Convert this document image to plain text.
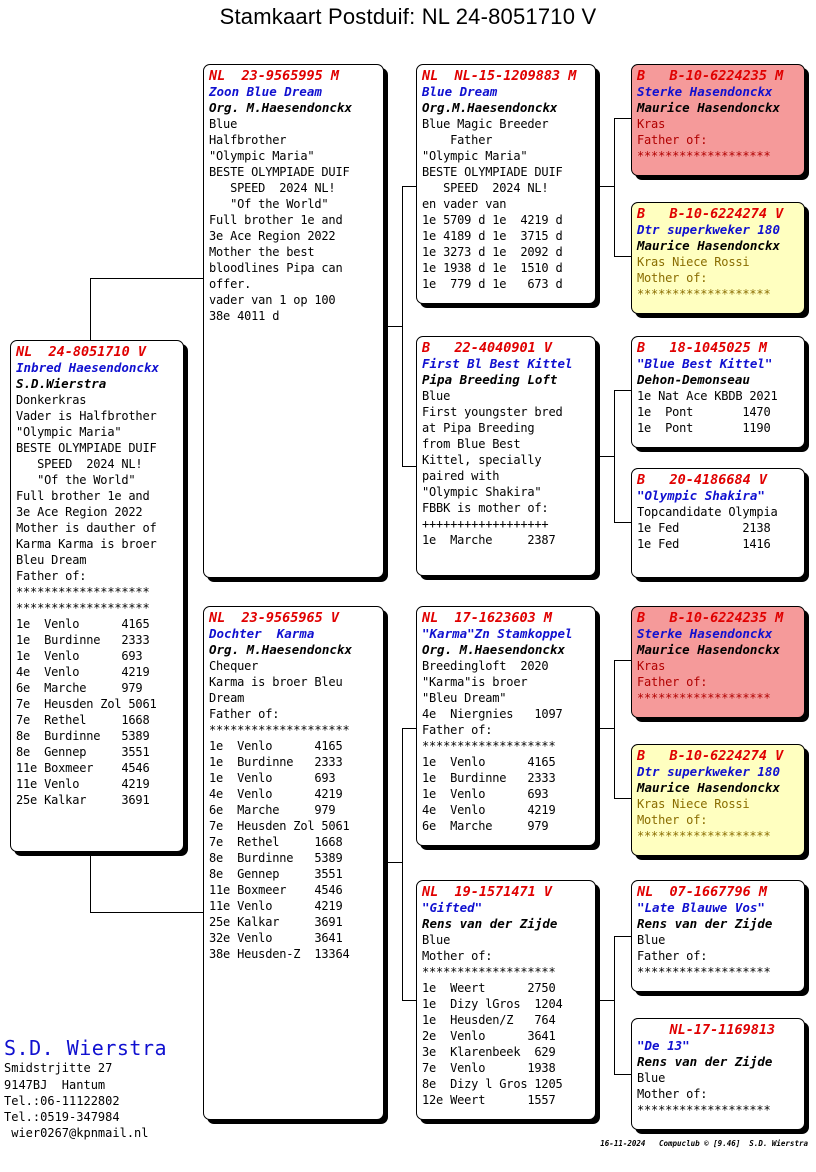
Stamkaart Postduif: NL 24-8051710 V
NL  24-8051710 V
Inbred Haesendonckx
S.D.Wierstra
Donkerkras
Vader is Halfbrother
"Olympic Maria"
BESTE OLYMPIADE DUIF
SPEED  2024 NL!
"Of the World"
Full brother 1e and
3e Ace Region 2022
Mother is dauther of
Karma Karma is broer
Bleu Dream
Father of:
*******************
*******************
1e  Venlo      4165
1e  Burdinne   2333
1e  Venlo      693
4e  Venlo      4219
6e  Marche     979
7e  Heusden Zol 5061
7e  Rethel     1668
8e  Burdinne   5389
8e  Gennep     3551
11e Boxmeer    4546
11e Venlo      4219
25e Kalkar     3691
NL  23-9565995 M
Zoon Blue Dream
Org. M.Haesendonckx
Blue
Halfbrother
"Olympic Maria"
BESTE OLYMPIADE DUIF
SPEED  2024 NL!
"Of the World"
Full brother 1e and
3e Ace Region 2022
Mother the best
bloodlines Pipa can
offer.
vader van 1 op 100
38e 4011 d
NL  23-9565965 V
Dochter  Karma
Org. M.Haesendonckx
Chequer
Karma is broer Bleu
Dream
Father of:
********************
1e  Venlo      4165
1e  Burdinne   2333
1e  Venlo      693
4e  Venlo      4219
6e  Marche     979
7e  Heusden Zol 5061
7e  Rethel     1668
8e  Burdinne   5389
8e  Gennep     3551
11e Boxmeer    4546
11e Venlo      4219
25e Kalkar     3691
32e Venlo      3641
38e Heusden-Z  13364
NL  NL-15-1209883 M
Blue Dream
Org.M.Haesendonckx
Blue Magic Breeder
Father
"Olympic Maria"
BESTE OLYMPIADE DUIF
SPEED  2024 NL!
en vader van
1e 5709 d 1e  4219 d
1e 4189 d 1e  3715 d
1e 3273 d 1e  2092 d
1e 1938 d 1e  1510 d
1e  779 d 1e   673 d
B   22-4040901 V
First Bl Best Kittel
Pipa Breeding Loft
Blue
First youngster bred
at Pipa Breeding
from Blue Best
Kittel, specially
paired with
"Olympic Shakira"
FBBK is mother of:
++++++++++++++++++
1e  Marche     2387
NL  17-1623603 M
"Karma"Zn Stamkoppel
Org. M.Haesendonckx
Breedingloft  2020
"Karma"is broer
"Bleu Dream"
4e  Niergnies   1097
Father of:
*******************
1e  Venlo      4165
1e  Burdinne   2333
1e  Venlo      693
4e  Venlo      4219
6e  Marche     979
NL  19-1571471 V
"Gifted"
Rens van der Zijde
Blue
Mother of:
*******************
1e  Weert      2750
1e  Dizy lGros  1204
1e  Heusden/Z   764
2e  Venlo      3641
3e  Klarenbeek  629
7e  Venlo      1938
8e  Dizy l Gros 1205
12e Weert      1557
B   B-10-6224235 M
Sterke Hasendonckx
Maurice Hasendonckx
Kras
Father of:
*******************
B   B-10-6224274 V
Dtr superkweker 180
Maurice Hasendonckx
Kras Niece Rossi
Mother of:
*******************
B   18-1045025 M
"Blue Best Kittel"
Dehon-Demonseau
1e Nat Ace KBDB 2021
1e  Pont       1470
1e  Pont       1190
B   20-4186684 V
"Olympic Shakira"
Topcandidate Olympia
1e Fed         2138
1e Fed         1416
B   B-10-6224235 M
Sterke Hasendonckx
Maurice Hasendonckx
Kras
Father of:
*******************
B   B-10-6224274 V
Dtr superkweker 180
Maurice Hasendonckx
Kras Niece Rossi
Mother of:
*******************
NL  07-1667796 M
"Late Blauwe Vos"
Rens van der Zijde
Blue
Father of:
*******************
NL-17-1169813
"De 13"
Rens van der Zijde
Blue
Mother of:
*******************
S.D. Wierstra
Smidstrjitte 27
9147BJ  Hantum
Tel.:06-11122802
Tel.:0519-347984
wier0267@kpnmail.nl
16-11-2024   Compuclub © [9.46]  S.D. Wierstra
